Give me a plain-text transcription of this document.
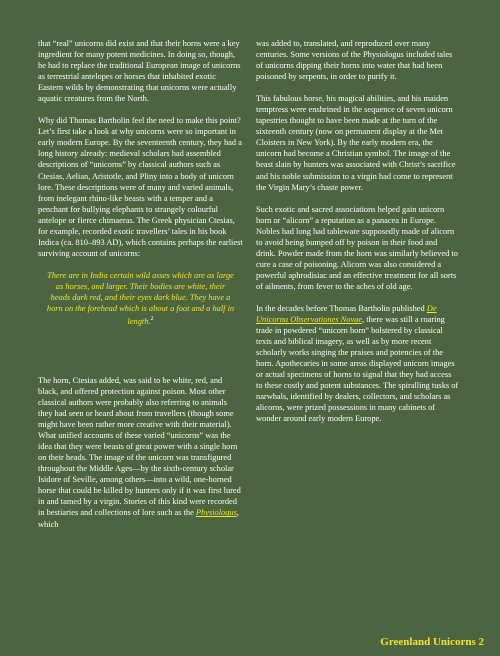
that “real” unicorns did exist and that their horns were a key ingredient for many potent medicines. In doing so, though, he had to replace the traditional European image of unicorns as terrestrial antelopes or horses that inhabited exotic Eastern wilds by demonstrating that unicorns were actually aquatic creatures from the North.

Why did Thomas Bartholin feel the need to make this point? Let’s first take a look at why unicorns were so important in early modern Europe. By the seventeenth century, they had a long history already: medieval scholars had assembled descriptions of “unicorns” by classical authors such as Ctesias, Aelian, Aristotle, and Pliny into a body of unicorn lore. These descriptions were of many and varied animals, from inelegant rhino-like beasts with a temper and a penchant for bullying elephants to strangely colourful antelope or fierce chimaeras. The Greek physician Ctesias, for example, recorded exotic travellers’ tales in his book Indica (ca. 810–893 AD), which contains perhaps the earliest surviving account of unicorns:

There are in India certain wild asses which are as large as horses, and larger. Their bodies are white, their heads dark red, and their eyes dark blue. They have a horn on the forehead which is about a foot and a half in length.$^2$

The horn, Ctesias added, was said to be white, red, and black, and offered protection against poison. Most other classical authors were probably also referring to animals they had seen or heard about from travellers (though some might have been rather more creative with their material). What unified accounts of these varied “unicorns” was the idea that they were beasts of great power with a single horn on their heads. The image of the unicorn was transfigured throughout the Middle Ages—by the sixth-century scholar Isidore of Seville, among others—into a wild, one-horned horse that could be killed by hunters only if it was first lured in and tamed by a virgin. Stories of this kind were recorded in bestiaries and collections of lore such as the Physiologus, which

was added to, translated, and reproduced over many centuries. Some versions of the Physiologus included tales of unicorns dipping their horns into water that had been poisoned by serpents, in order to purify it.

This fabulous horse, his magical abilities, and his maiden temptress were enshrined in the sequence of seven unicorn tapestries thought to have been made at the turn of the sixteenth century (now on permanent display at the Met Cloisters in New York). By the early modern era, the unicorn had become a Christian symbol. The image of the beast slain by hunters was associated with Christ’s sacrifice and his noble submission to a virgin had come to represent the Virgin Mary’s chaste power.

Such exotic and sacred associations helped gain unicorn horn or “alicorn” a reputation as a panacea in Europe. Nobles had long had tableware supposedly made of alicorn to avoid being bumped off by poison in their food and drink. Powder made from the horn was similarly believed to cure a case of poisoning. Alicorn was also considered a powerful aphrodisiac and an effective treatment for all sorts of ailments, from fever to the aches of old age.

In the decades before Thomas Bartholin published De Unicornu Observationes Novae, there was still a roaring trade in powdered “unicorn horn” bolstered by classical texts and biblical imagery, as well as by more recent scholarly works singing the praises and potencies of the horn. Apothecaries in some areas displayed unicorn images or actual specimens of horns to signal that they had access to these costly and potent substances. The spiralling tusks of narwhals, identified by dealers, collectors, and scholars as alicorns, were prized possessions in many cabinets of wonder around early modern Europe.

Greenland Unicorns 2
